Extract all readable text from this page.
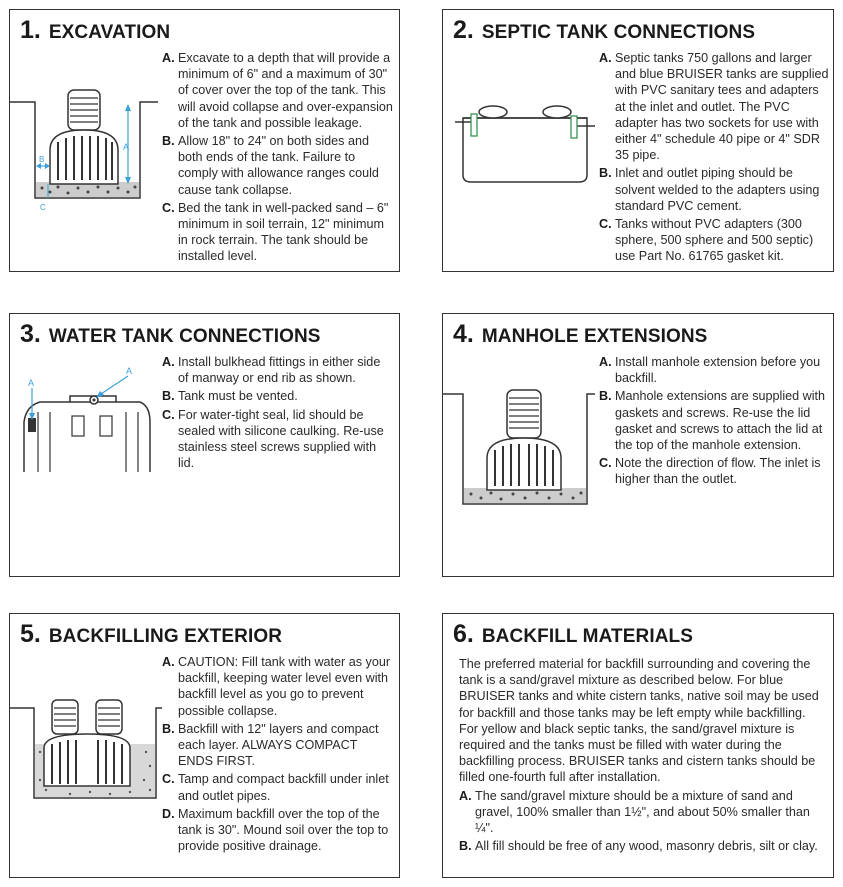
1. EXCAVATION
A
B
C
A. Excavate to a depth that will provide a minimum of 6" and a maximum of 30" of cover over the top of the tank. This will avoid collapse and over-expansion of the tank and possible leakage.
B. Allow 18" to 24" on both sides and both ends of the tank. Failure to comply with allowance ranges could cause tank collapse.
C. Bed the tank in well-packed sand – 6" minimum in soil terrain, 12" minimum in rock terrain. The tank should be installed level.
2. SEPTIC TANK CONNECTIONS
A. Septic tanks 750 gallons and larger and blue BRUISER tanks are supplied with PVC sanitary tees and adapters at the inlet and outlet. The PVC adapter has two sockets for use with either 4" schedule 40 pipe or 4" SDR 35 pipe.
B. Inlet and outlet piping should be solvent welded to the adapters using standard PVC cement.
C. Tanks without PVC adapters (300 sphere, 500 sphere and 500 septic) use Part No. 61765 gasket kit.
3. WATER TANK CONNECTIONS
A
A
A. Install bulkhead fittings in either side of manway or end rib as shown.
B. Tank must be vented.
C. For water-tight seal, lid should be sealed with silicone caulking. Re-use stainless steel screws supplied with lid.
4. MANHOLE EXTENSIONS
A. Install manhole extension before you backfill.
B. Manhole extensions are supplied with gaskets and screws. Re-use the lid gasket and screws to attach the lid at the top of the manhole extension.
C. Note the direction of flow. The inlet is higher than the outlet.
5. BACKFILLING EXTERIOR
A. CAUTION: Fill tank with water as your backfill, keeping water level even with backfill level as you go to prevent possible collapse.
B. Backfill with 12" layers and compact each layer. ALWAYS COMPACT ENDS FIRST.
C. Tamp and compact backfill under inlet and outlet pipes.
D. Maximum backfill over the top of the tank is 30". Mound soil over the top to provide positive drainage.
6. BACKFILL MATERIALS
The preferred material for backfill surrounding and covering the tank is a sand/gravel mixture as described below. For blue BRUISER tanks and white cistern tanks, native soil may be used for backfill and those tanks may be left empty while backfilling. For yellow and black septic tanks, the sand/gravel mixture is required and the tanks must be filled with water during the backfilling process. BRUISER tanks and cistern tanks should be filled one-fourth full after installation.
A. The sand/gravel mixture should be a mixture of sand and gravel, 100% smaller than 1½", and about 50% smaller than ¼".
B. All fill should be free of any wood, masonry debris, silt or clay.
